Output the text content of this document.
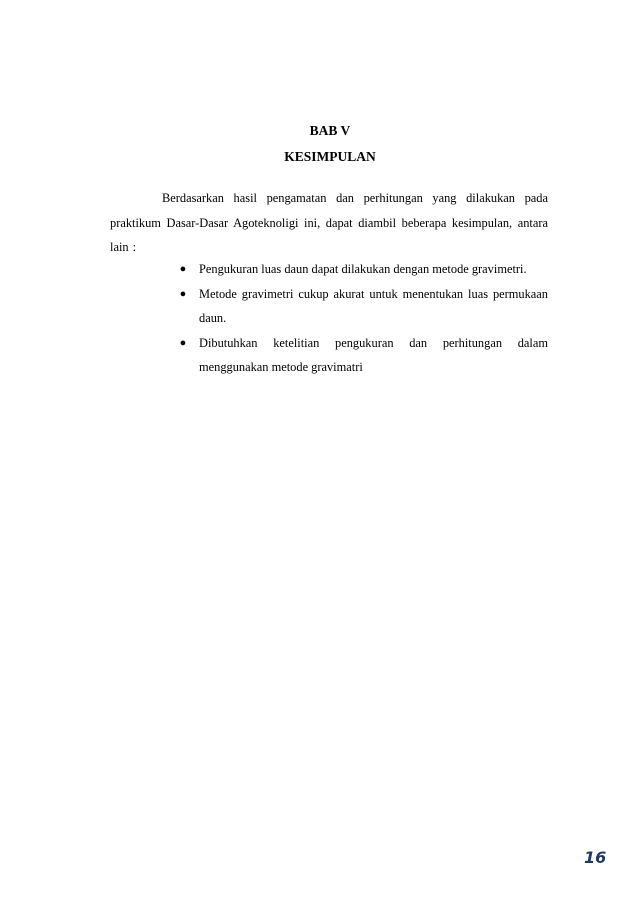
BAB V
KESIMPULAN

Berdasarkan hasil pengamatan dan perhitungan yang dilakukan pada praktikum Dasar-Dasar Agoteknoligi ini, dapat diambil beberapa kesimpulan, antara lain :

● Pengukuran luas daun dapat dilakukan dengan metode gravimetri.
● Metode gravimetri cukup akurat untuk menentukan luas permukaan daun.
● Dibutuhkan ketelitian pengukuran dan perhitungan dalam menggunakan metode gravimatri
16
